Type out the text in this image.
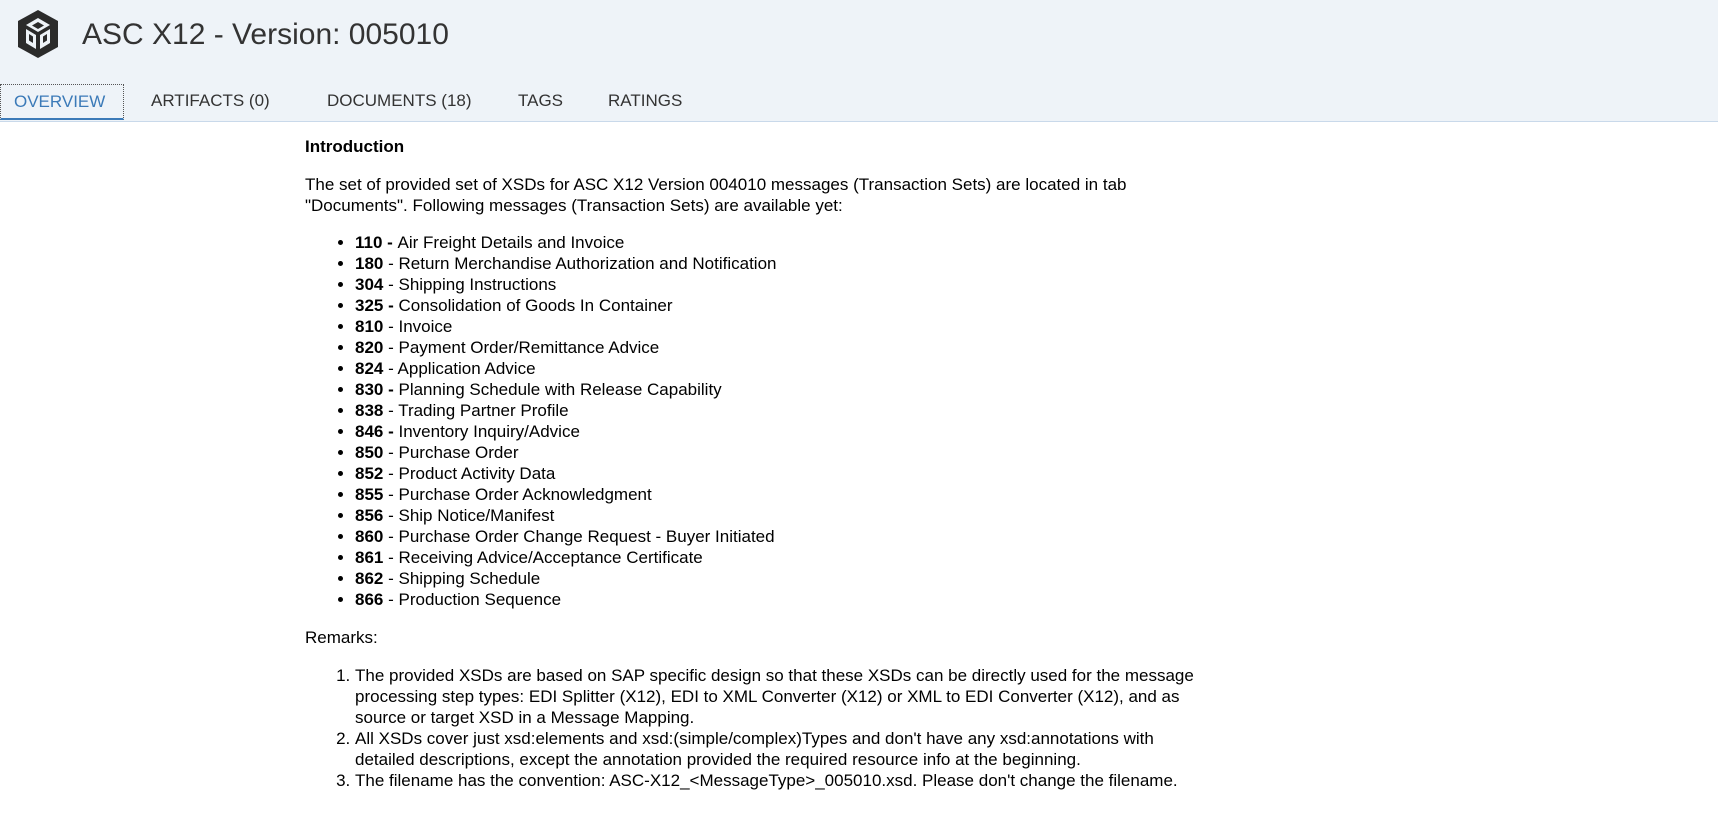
ASC X12 - Version: 005010
OVERVIEW	ARTIFACTS (0)	DOCUMENTS (18)	TAGS	RATINGS
Introduction
The set of provided set of XSDs for ASC X12 Version 004010 messages (Transaction Sets) are located in tab "Documents". Following messages (Transaction Sets) are available yet:
• 110 - Air Freight Details and Invoice
• 180 - Return Merchandise Authorization and Notification
• 304 - Shipping Instructions
• 325 - Consolidation of Goods In Container
• 810 - Invoice
• 820 - Payment Order/Remittance Advice
• 824 - Application Advice
• 830 - Planning Schedule with Release Capability
• 838 - Trading Partner Profile
• 846 - Inventory Inquiry/Advice
• 850 - Purchase Order
• 852 - Product Activity Data
• 855 - Purchase Order Acknowledgment
• 856 - Ship Notice/Manifest
• 860 - Purchase Order Change Request - Buyer Initiated
• 861 - Receiving Advice/Acceptance Certificate
• 862 - Shipping Schedule
• 866 - Production Sequence
Remarks:
1. The provided XSDs are based on SAP specific design so that these XSDs can be directly used for the message processing step types: EDI Splitter (X12), EDI to XML Converter (X12) or XML to EDI Converter (X12), and as source or target XSD in a Message Mapping.
2. All XSDs cover just xsd:elements and xsd:(simple/complex)Types and don't have any xsd:annotations with detailed descriptions, except the annotation provided the required resource info at the beginning.
3. The filename has the convention: ASC-X12_<MessageType>_005010.xsd. Please don't change the filename.
